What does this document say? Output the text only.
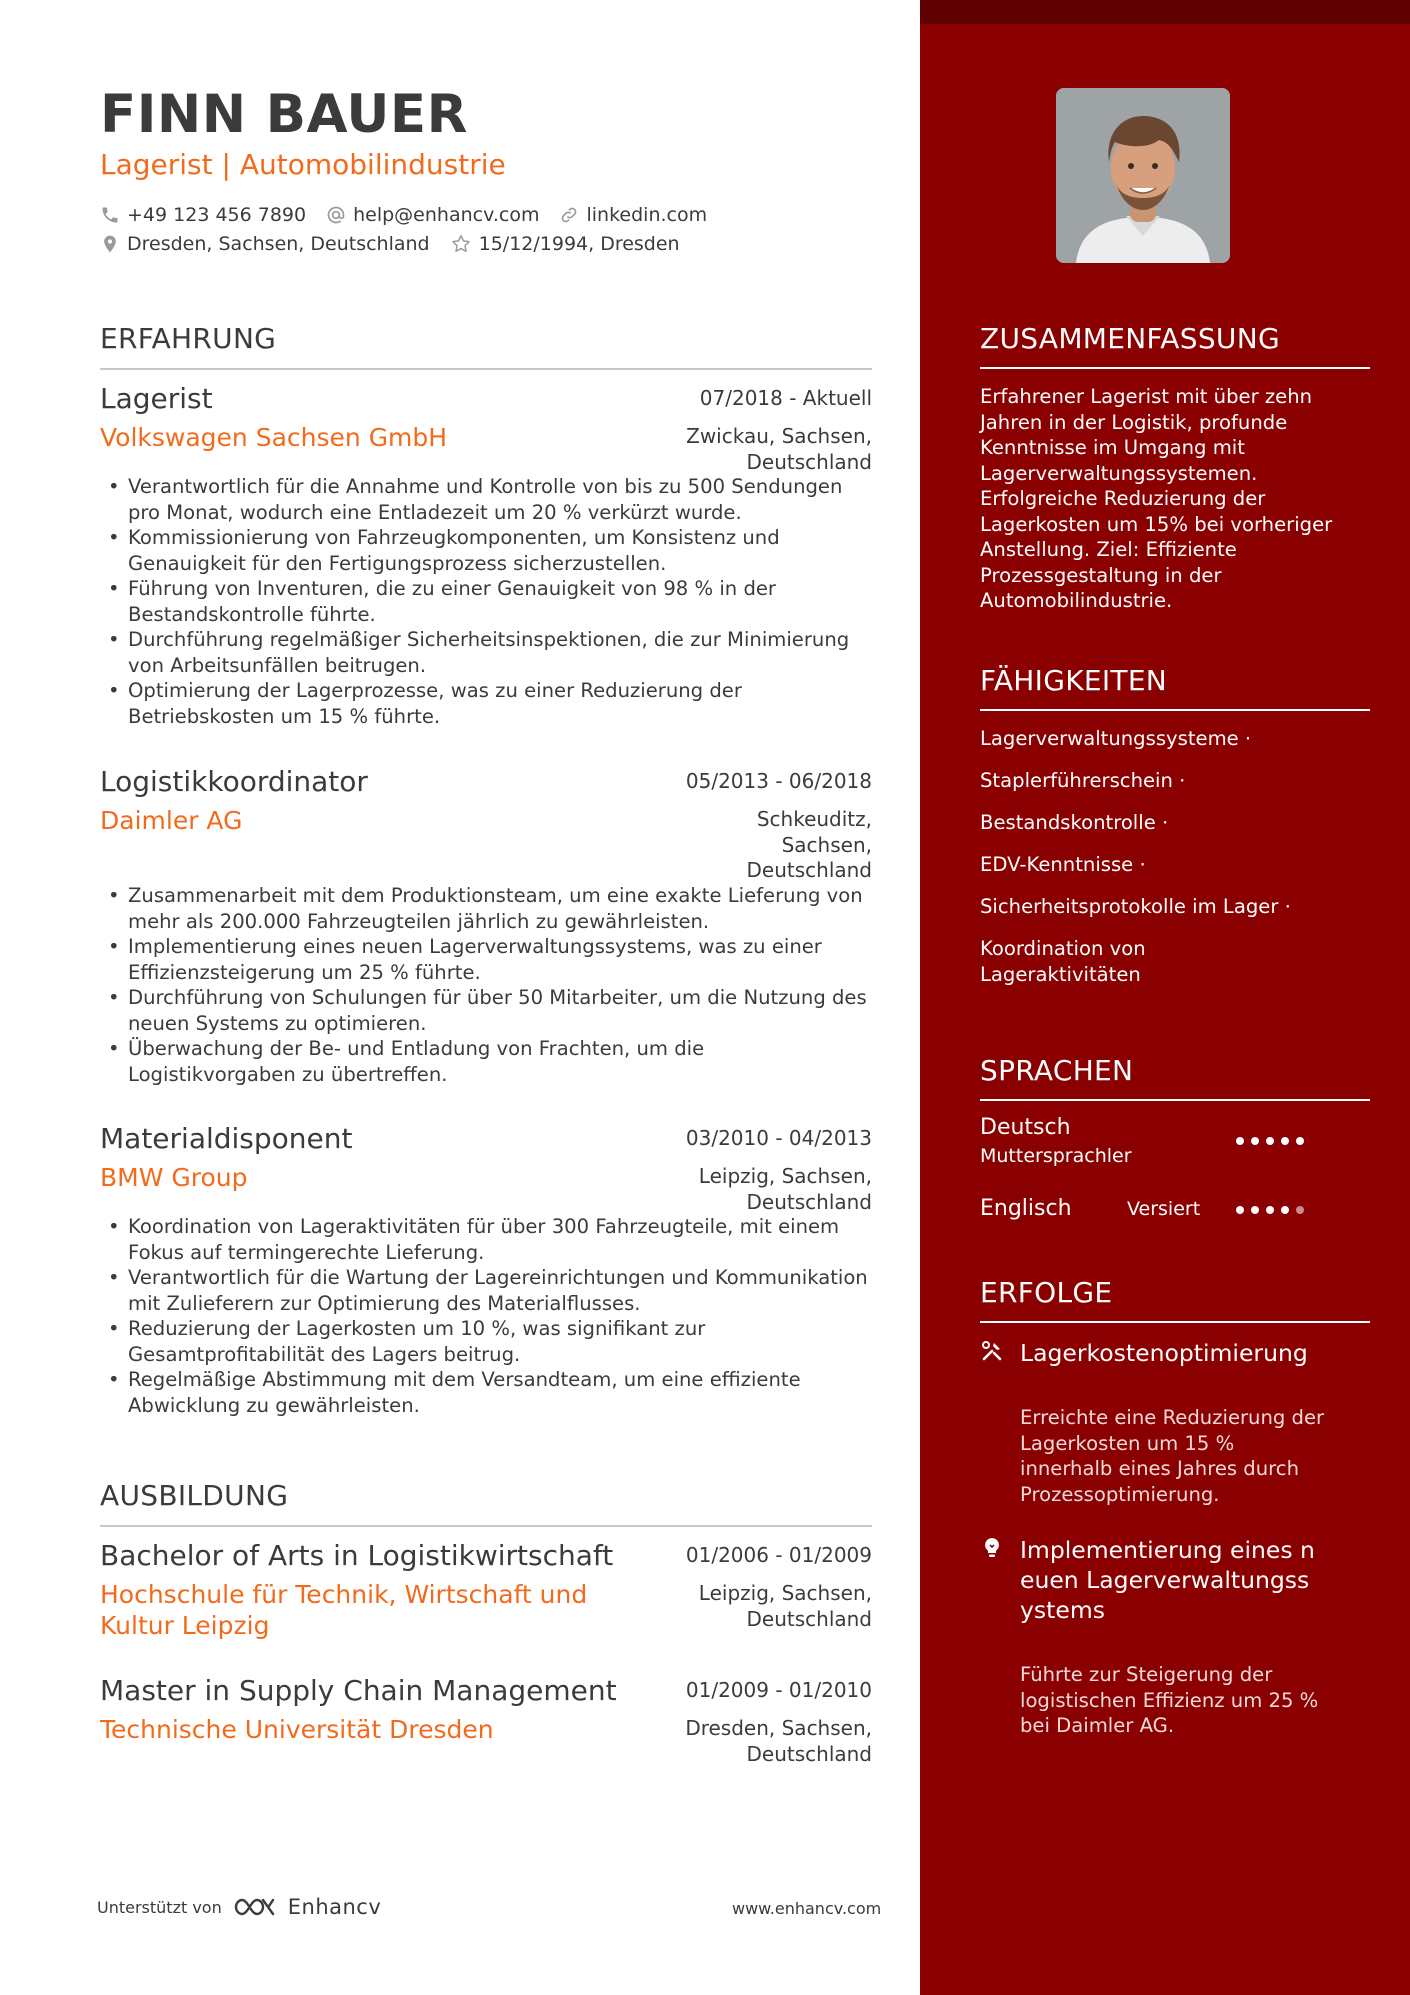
FINN BAUER
Lagerist | Automobilindustrie
+49 123 456 7890 help@enhancv.com linkedin.com
Dresden, Sachsen, Deutschland	15/12/1994, Dresden
ERFAHRUNG
Lagerist	07/2018 - Aktuell
Volkswagen Sachsen GmbH	Zwickau, Sachsen,
Deutschland
• Verantwortlich für die Annahme und Kontrolle von bis zu 500 Sendungen pro Monat, wodurch eine Entladezeit um 20 % verkürzt wurde.
• Kommissionierung von Fahrzeugkomponenten, um Konsistenz und Genauigkeit für den Fertigungsprozess sicherzustellen.
• Führung von Inventuren, die zu einer Genauigkeit von 98 % in der Bestandskontrolle führte.
• Durchführung regelmäßiger Sicherheitsinspektionen, die zur Minimierung von Arbeitsunfällen beitrugen.
• Optimierung der Lagerprozesse, was zu einer Reduzierung der Betriebskosten um 15 % führte.
Logistikkoordinator	05/2013 - 06/2018
Daimler AG	Schkeuditz,
Sachsen,
Deutschland
• Zusammenarbeit mit dem Produktionsteam, um eine exakte Lieferung von mehr als 200.000 Fahrzeugteilen jährlich zu gewährleisten.
• Implementierung eines neuen Lagerverwaltungssystems, was zu einer Effizienzsteigerung um 25 % führte.
• Durchführung von Schulungen für über 50 Mitarbeiter, um die Nutzung des neuen Systems zu optimieren.
• Überwachung der Be- und Entladung von Frachten, um die Logistikvorgaben zu übertreffen.
Materialdisponent	03/2010 - 04/2013
BMW Group	Leipzig, Sachsen,
Deutschland
• Koordination von Lageraktivitäten für über 300 Fahrzeugteile, mit einem Fokus auf termingerechte Lieferung.
• Verantwortlich für die Wartung der Lagereinrichtungen und Kommunikation mit Zulieferern zur Optimierung des Materialflusses.
• Reduzierung der Lagerkosten um 10 %, was signifikant zur Gesamtprofitabilität des Lagers beitrug.
• Regelmäßige Abstimmung mit dem Versandteam, um eine effiziente Abwicklung zu gewährleisten.
AUSBILDUNG
Bachelor of Arts in Logistikwirtschaft	01/2006 - 01/2009
Hochschule für Technik, Wirtschaft und Kultur Leipzig
Leipzig, Sachsen,
Deutschland
Master in Supply Chain Management	01/2009 - 01/2010
Technische Universität Dresden	Dresden, Sachsen,
Deutschland
Unterstützt von	Enhancv	www.enhancv.com
ZUSAMMENFASSUNG
Erfahrener Lagerist mit über zehn Jahren in der Logistik, profunde Kenntnisse im Umgang mit Lagerverwaltungssystemen. Erfolgreiche Reduzierung der Lagerkosten um 15% bei vorheriger Anstellung. Ziel: Effiziente Prozessgestaltung in der Automobilindustrie.
FÄHIGKEITEN
Lagerverwaltungssysteme ·
Staplerführerschein ·
Bestandskontrolle ·
EDV-Kenntnisse ·
Sicherheitsprotokolle im Lager ·
Koordination von Lageraktivitäten
SPRACHEN
Deutsch
Muttersprachler
Englisch	Versiert
ERFOLGE
Lagerkostenoptimierung
Erreichte eine Reduzierung der Lagerkosten um 15 % innerhalb eines Jahres durch Prozessoptimierung.
Implementierung eines neuen Lagerverwaltungssystems
Führte zur Steigerung der logistischen Effizienz um 25 % bei Daimler AG.
